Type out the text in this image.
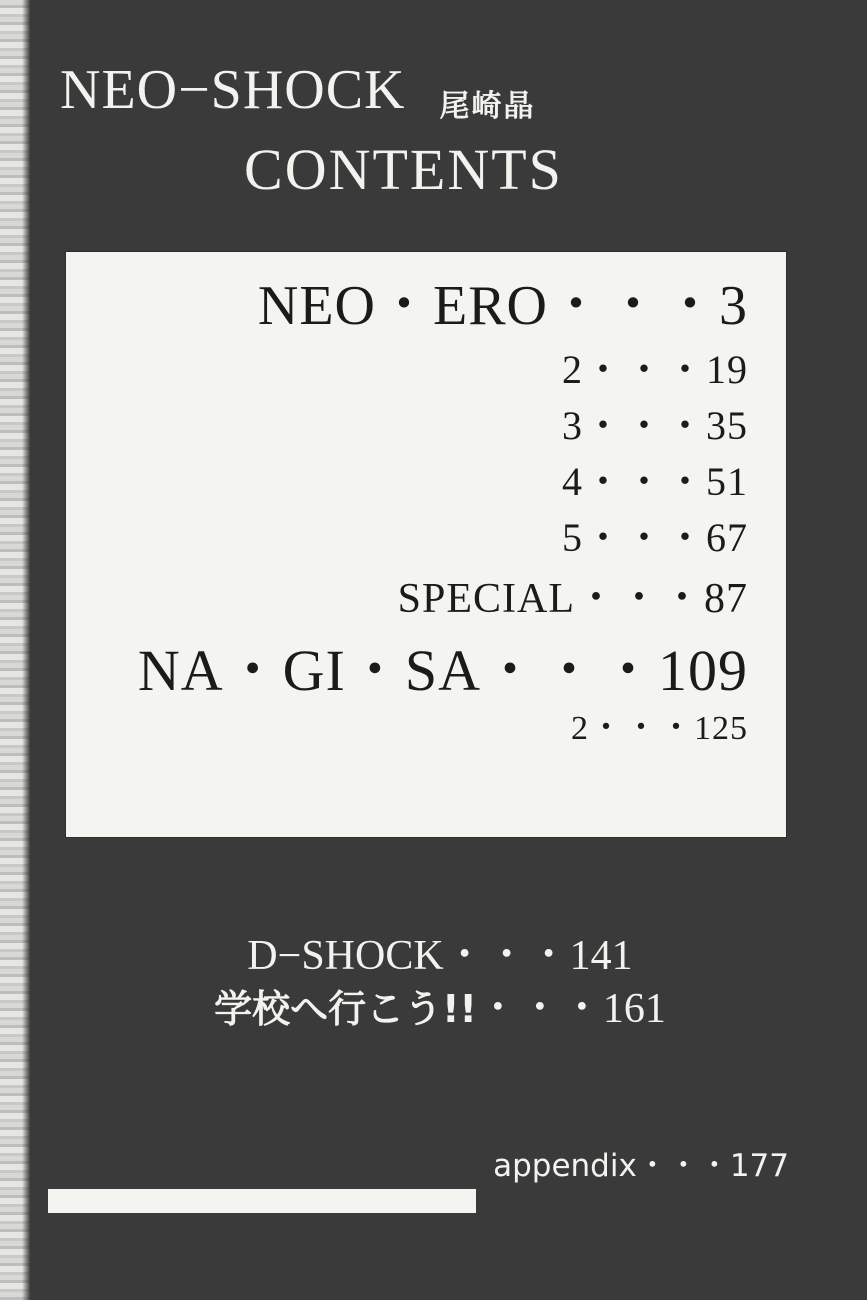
NEO−SHOCK 尾崎晶
CONTENTS
NEO・ERO・・・3
2・・・19
3・・・35
4・・・51
5・・・67
SPECIAL・・・87
NA・GI・SA・・・109
2・・・125
D−SHOCK・・・141
学校へ行こう!!・・・161
appendix・・・177
